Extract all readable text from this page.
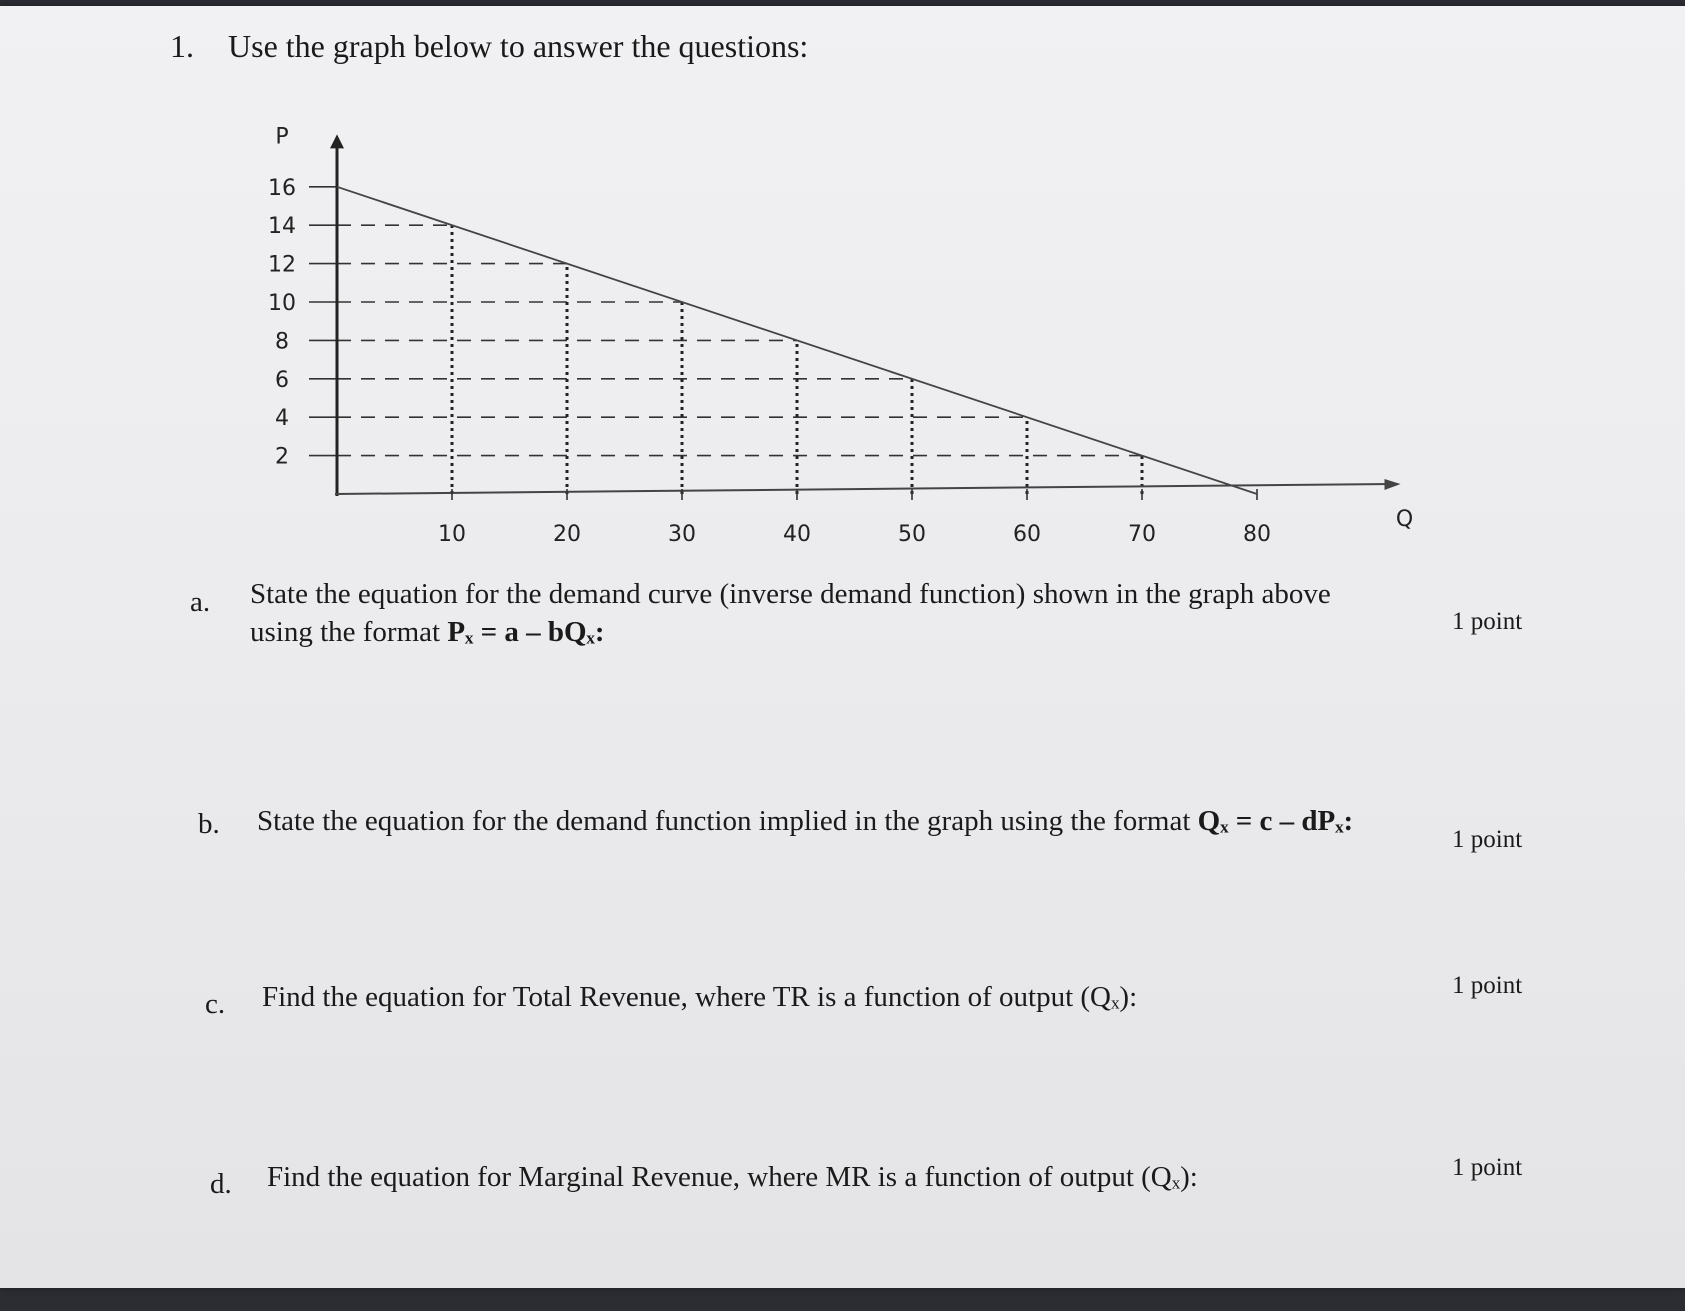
1. Use the graph below to answer the questions:
16
14
12
10
8
6
4
2
10	20	30	40	50	60	70	80
P
Q
a. State the equation for the demand curve (inverse demand function) shown in the graph above
using the format Pₓ = a – bQₓ:	1 point
b. State the equation for the demand function implied in the graph using the format Qₓ = c – dPₓ:
1 point
c. Find the equation for Total Revenue, where TR is a function of output (Qₓ):	1 point
d. Find the equation for Marginal Revenue, where MR is a function of output (Qₓ):	1 point
